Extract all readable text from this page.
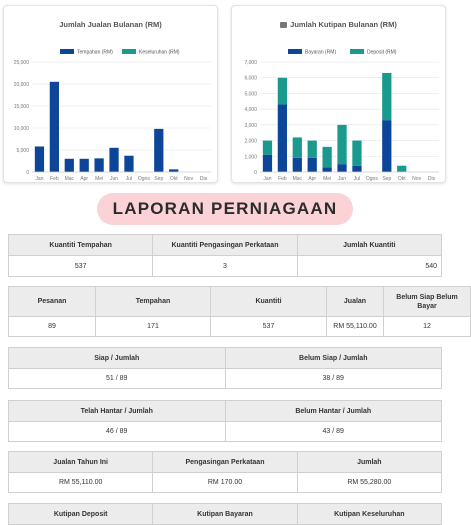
Jumlah Jualan Bulanan (RM)
25,000
20,000
15,000
10,000
5,000
0
Tempahan (RM)	Keseluruhan (RM)
Jan Feb Mac Apr Mei Jun Jul Ogos Sep Okt Nov Dis
Jumlah Kutipan Bulanan (RM)
7,000
6,000
5,000
4,000
3,000
2,000
1,000
0
Bayaran (RM)	Deposit (RM)
Jan Feb Mac Apr Mei Jun Jul Ogos Sep Okt Nov Dis
LAPORAN PERNIAGAAN
Kuantiti Tempahan	Kuantiti Pengasingan Perkataan	Jumlah Kuantiti
537	3	540
Pesanan	Tempahan	Kuantiti	Jualan	Belum Siap Belum Bayar
89	171	537	RM 55,110.00	12
Siap / Jumlah	Belum Siap / Jumlah
51 / 89	38 / 89
Telah Hantar / Jumlah	Belum Hantar / Jumlah
46 / 89	43 / 89
Jualan Tahun Ini	Pengasingan Perkataan	Jumlah
RM 55,110.00	RM 170.00	RM 55,280.00
Kutipan Deposit	Kutipan Bayaran	Kutipan Keseluruhan
